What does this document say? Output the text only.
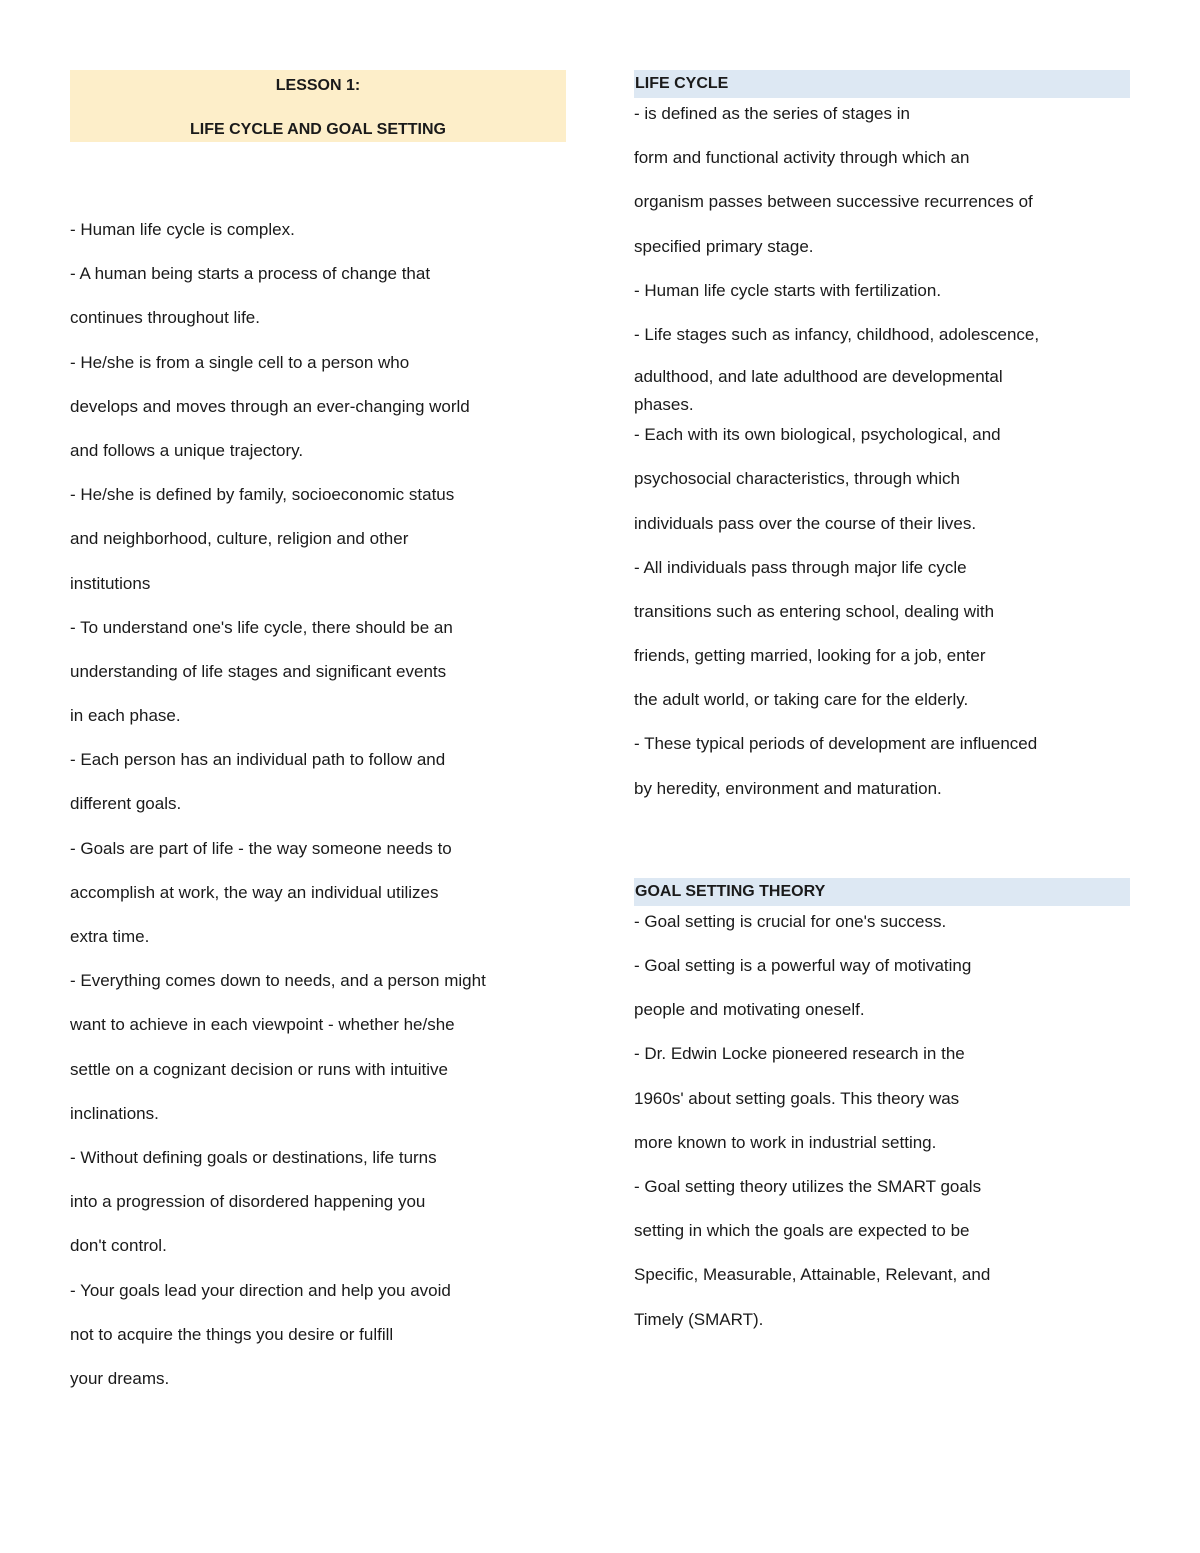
LESSON 1:
LIFE CYCLE AND GOAL SETTING
- Human life cycle is complex.
- A human being starts a process of change that
continues throughout life.
- He/she is from a single cell to a person who
develops and moves through an ever-changing world
and follows a unique trajectory.
- He/she is defined by family, socioeconomic status
and neighborhood, culture, religion and other
institutions
- To understand one's life cycle, there should be an
understanding of life stages and significant events
in each phase.
- Each person has an individual path to follow and
different goals.
- Goals are part of life - the way someone needs to
accomplish at work, the way an individual utilizes
extra time.
- Everything comes down to needs, and a person might
want to achieve in each viewpoint - whether he/she
settle on a cognizant decision or runs with intuitive
inclinations.
- Without defining goals or destinations, life turns
into a progression of disordered happening you
don't control.
- Your goals lead your direction and help you avoid
not to acquire the things you desire or fulfill
your dreams.
LIFE CYCLE
- is defined as the series of stages in
form and functional activity through which an
organism passes between successive recurrences of
specified primary stage.
- Human life cycle starts with fertilization.
- Life stages such as infancy, childhood, adolescence,
adulthood, and late adulthood are developmental
phases.
- Each with its own biological, psychological, and
psychosocial characteristics, through which
individuals pass over the course of their lives.
- All individuals pass through major life cycle
transitions such as entering school, dealing with
friends, getting married, looking for a job, enter
the adult world, or taking care for the elderly.
- These typical periods of development are influenced
by heredity, environment and maturation.
GOAL SETTING THEORY
- Goal setting is crucial for one's success.
- Goal setting is a powerful way of motivating
people and motivating oneself.
- Dr. Edwin Locke pioneered research in the
1960s' about setting goals. This theory was
more known to work in industrial setting.
- Goal setting theory utilizes the SMART goals
setting in which the goals are expected to be
Specific, Measurable, Attainable, Relevant, and
Timely (SMART).
